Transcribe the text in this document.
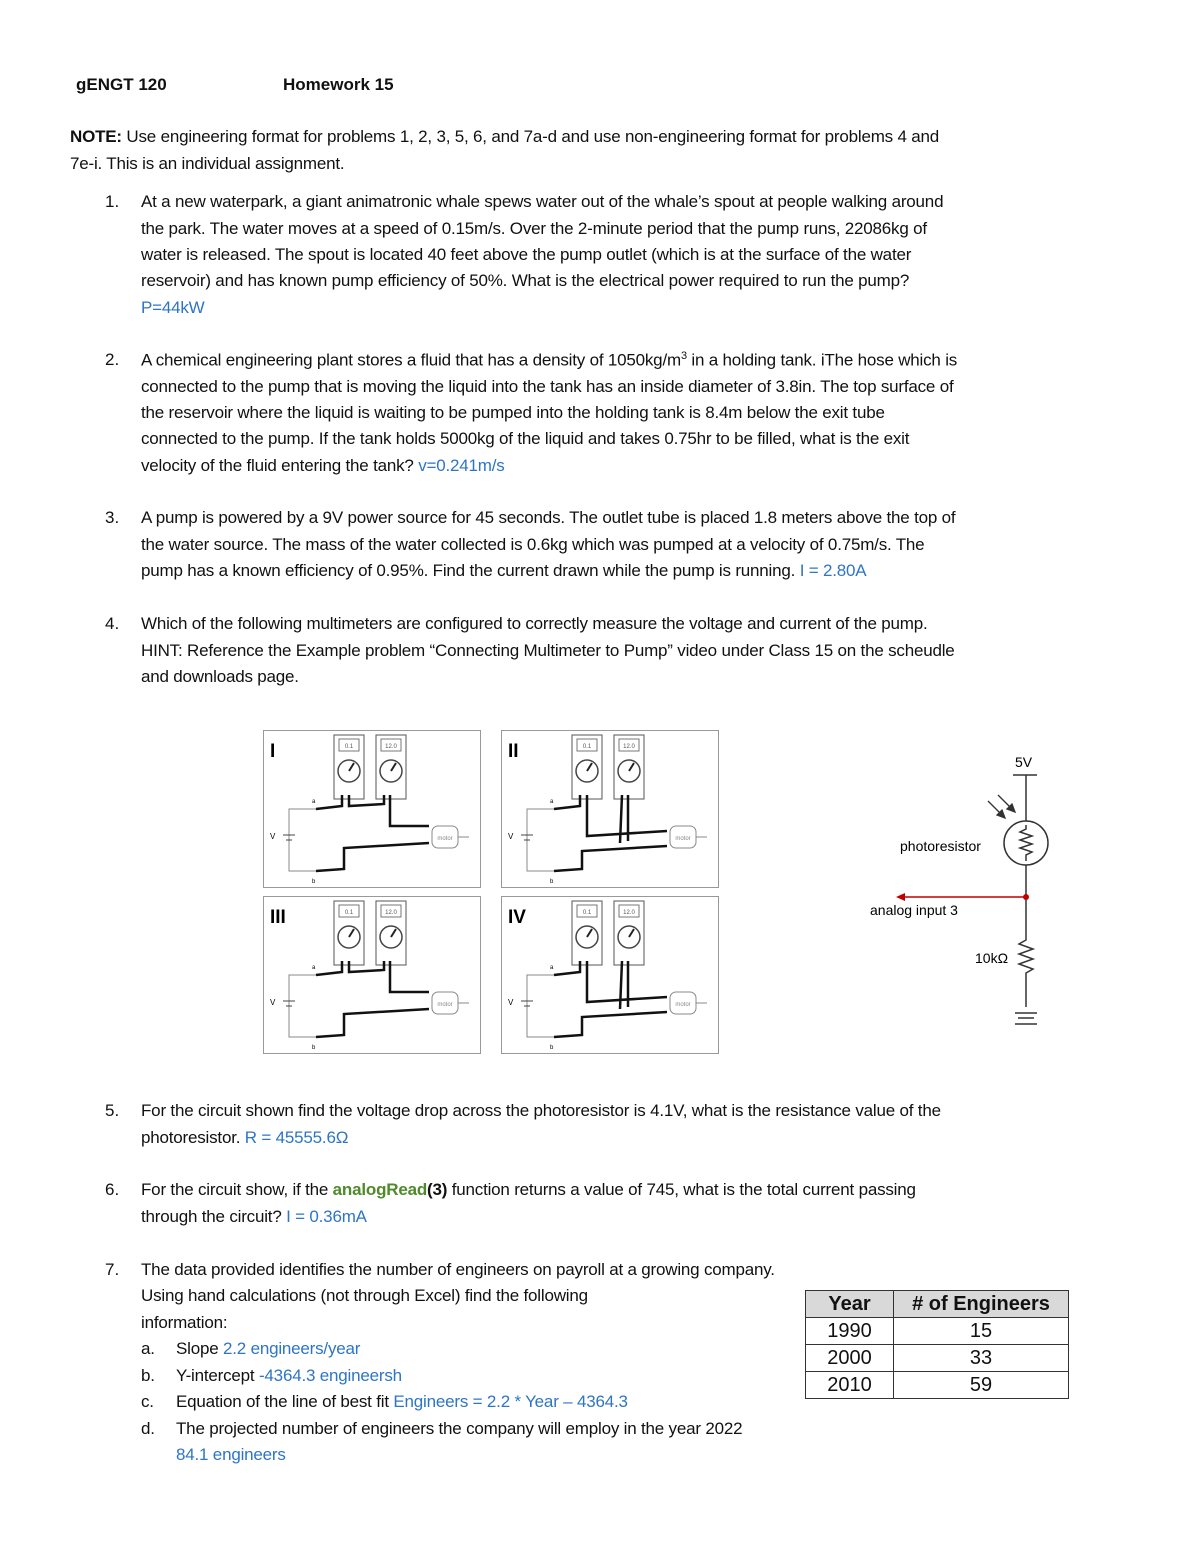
gENGT 120	Homework 15
NOTE: Use engineering format for problems 1, 2, 3, 5, 6, and 7a-d and use non-engineering format for problems 4 and
7e-i. This is an individual assignment.
1. At a new waterpark, a giant animatronic whale spews water out of the whale’s spout at people walking around
the park. The water moves at a speed of 0.15m/s. Over the 2-minute period that the pump runs, 22086kg of
water is released. The spout is located 40 feet above the pump outlet (which is at the surface of the water
reservoir) and has known pump efficiency of 50%. What is the electrical power required to run the pump?
P=44kW
2. A chemical engineering plant stores a fluid that has a density of $1050kg/m^3$ in a holding tank. iThe hose which is
connected to the pump that is moving the liquid into the tank has an inside diameter of 3.8in. The top surface of
the reservoir where the liquid is waiting to be pumped into the holding tank is 8.4m below the exit tube
connected to the pump. If the tank holds 5000kg of the liquid and takes 0.75hr to be filled, what is the exit
velocity of the fluid entering the tank? v=0.241m/s
3. A pump is powered by a 9V power source for 45 seconds. The outlet tube is placed 1.8 meters above the top of
the water source. The mass of the water collected is 0.6kg which was pumped at a velocity of 0.75m/s. The
pump has a known efficiency of 0.95%. Find the current drawn while the pump is running. I = 2.80A
4. Which of the following multimeters are configured to correctly measure the voltage and current of the pump.
HINT: Reference the Example problem “Connecting Multimeter to Pump” video under Class 15 on the scheudle
and downloads page.
I	0.1	12.0
V
a
b
motor
II	0.1	12.0
V
a
b
motor
III	0.1	12.0
V
a
b
motor
IV	0.1	12.0
V
a
b
motor
5V
photoresistor
analog input 3
10kΩ
5. For the circuit shown find the voltage drop across the photoresistor is 4.1V, what is the resistance value of the
photoresistor. R = 45555.6Ω
6. For the circuit show, if the analogRead(3) function returns a value of 745, what is the total current passing
through the circuit? I = 0.36mA
7. The data provided identifies the number of engineers on payroll at a growing company.
Using hand calculations (not through Excel) find the following
information:
a. Slope 2.2 engineers/year
b. Y-intercept -4364.3 engineersh
c. Equation of the line of best fit Engineers = 2.2 * Year – 4364.3
d. The projected number of engineers the company will employ in the year 2022
84.1 engineers
Year	# of Engineers
1990	15
2000	33
2010	59
